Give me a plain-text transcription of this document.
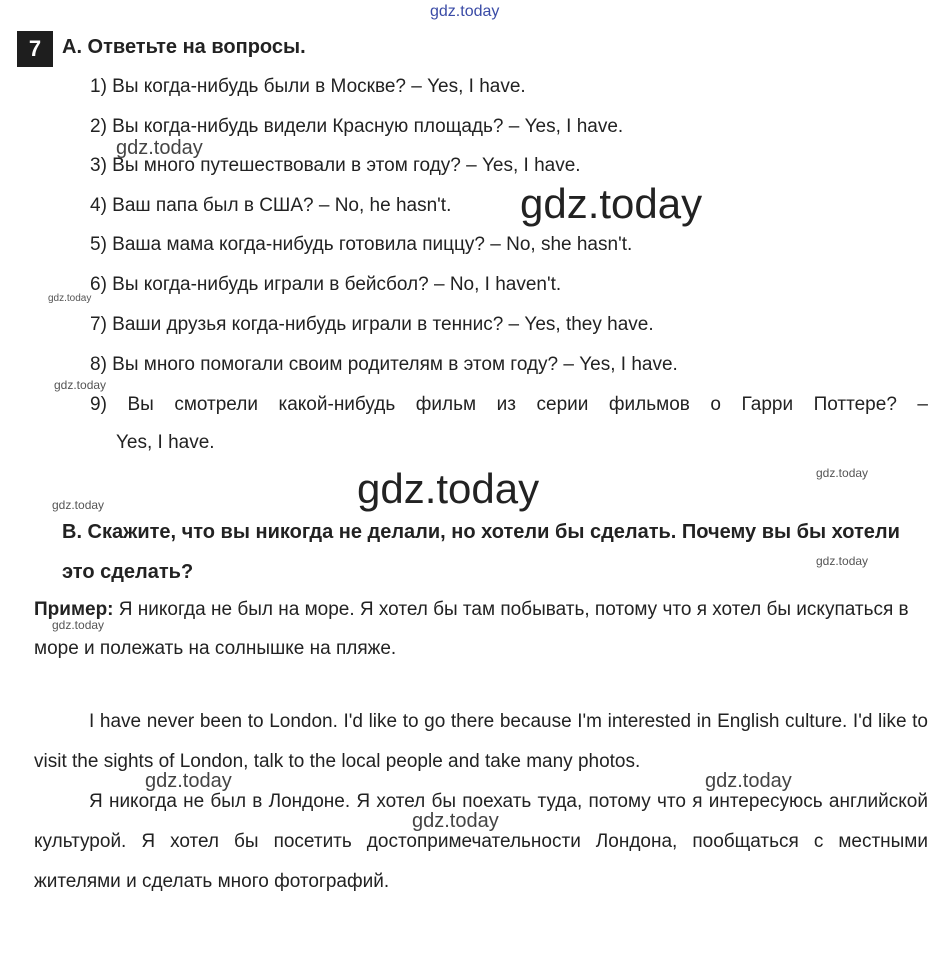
gdz.today
7	A. Ответьте на вопросы.
1) Вы когда-нибудь были в Москве? – Yes, I have.
2) Вы когда-нибудь видели Красную площадь? – Yes, I have.
3) Вы много путешествовали в этом году? – Yes, I have.
4) Ваш папа был в США? – No, he hasn't.
5) Ваша мама когда-нибудь готовила пиццу? – No, she hasn't.
6) Вы когда-нибудь играли в бейсбол? – No, I haven't.
7) Ваши друзья когда-нибудь играли в теннис? – Yes, they have.
8) Вы много помогали своим родителям в этом году? – Yes, I have.
9) Вы смотрели какой-нибудь фильм из серии фильмов о Гарри Поттере? –
Yes, I have.
B. Скажите, что вы никогда не делали, но хотели бы сделать. Почему вы бы хотели это сделать?
Пример: Я никогда не был на море. Я хотел бы там побывать, потому что я хотел бы искупаться в море и полежать на солнышке на пляже.
I have never been to London. I'd like to go there because I'm interested in English culture. I'd like to visit the sights of London, talk to the local people and take many photos.
Я никогда не был в Лондоне. Я хотел бы поехать туда, потому что я интересуюсь английской культурой. Я хотел бы посетить достопримечательности Лондона, пообщаться с местными жителями и сделать много фотографий.
gdz.today
gdz.today
gdz.today
gdz.today
gdz.today
gdz.today
gdz.today
gdz.today
gdz.today
gdz.today	gdz.today
gdz.today
